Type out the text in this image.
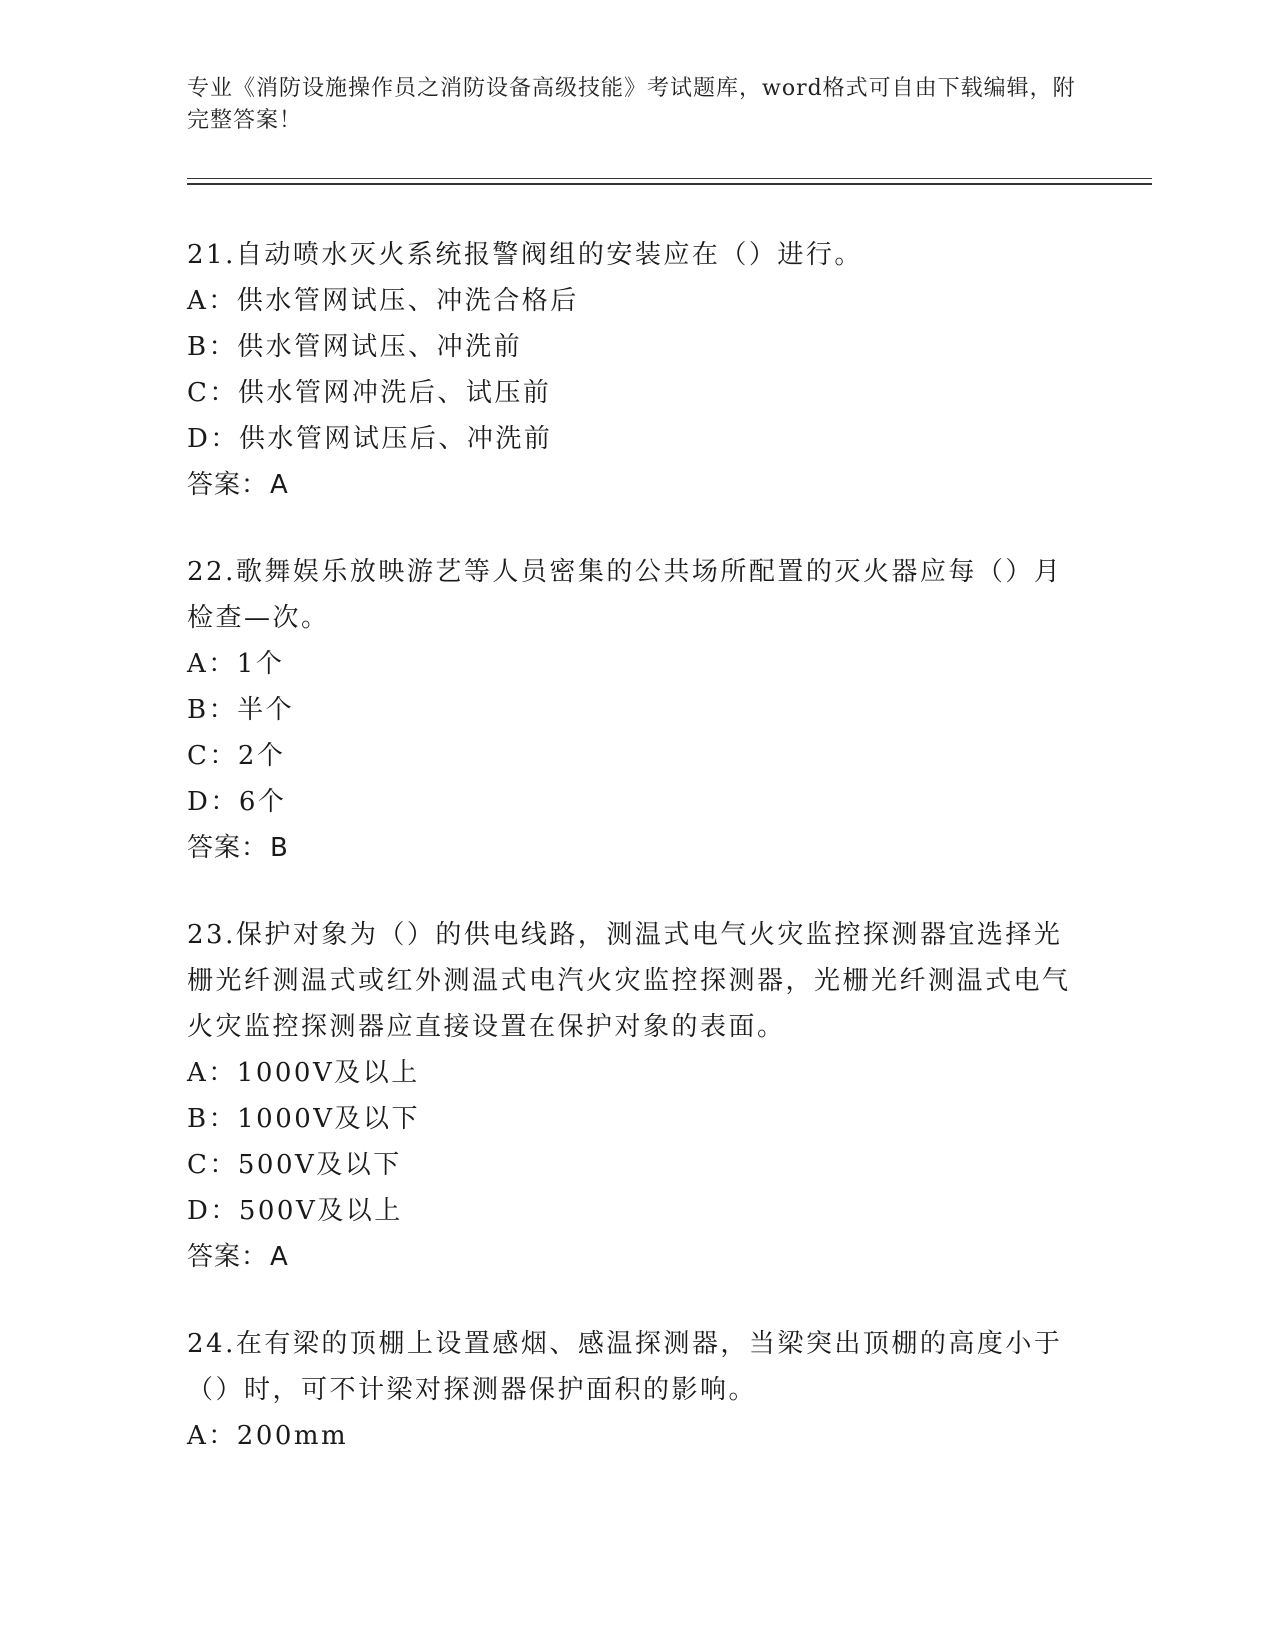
专业《消防设施操作员之消防设备高级技能》考试题库，word格式可自由下载编辑，附完整答案！
21.自动喷水灭火系统报警阀组的安装应在（）进行。
A：供水管网试压、冲洗合格后
B：供水管网试压、冲洗前
C：供水管网冲洗后、试压前
D：供水管网试压后、冲洗前
答案：A
22.歌舞娱乐放映游艺等人员密集的公共场所配置的灭火器应每（）月检查—次。
A：1个
B：半个
C：2个
D：6个
答案：B
23.保护对象为（）的供电线路，测温式电气火灾监控探测器宜选择光栅光纤测温式或红外测温式电汽火灾监控探测器，光栅光纤测温式电气火灾监控探测器应直接设置在保护对象的表面。
A：1000V及以上
B：1000V及以下
C：500V及以下
D：500V及以上
答案：A
24.在有梁的顶棚上设置感烟、感温探测器，当梁突出顶棚的高度小于（）时，可不计梁对探测器保护面积的影响。
A：200mm
